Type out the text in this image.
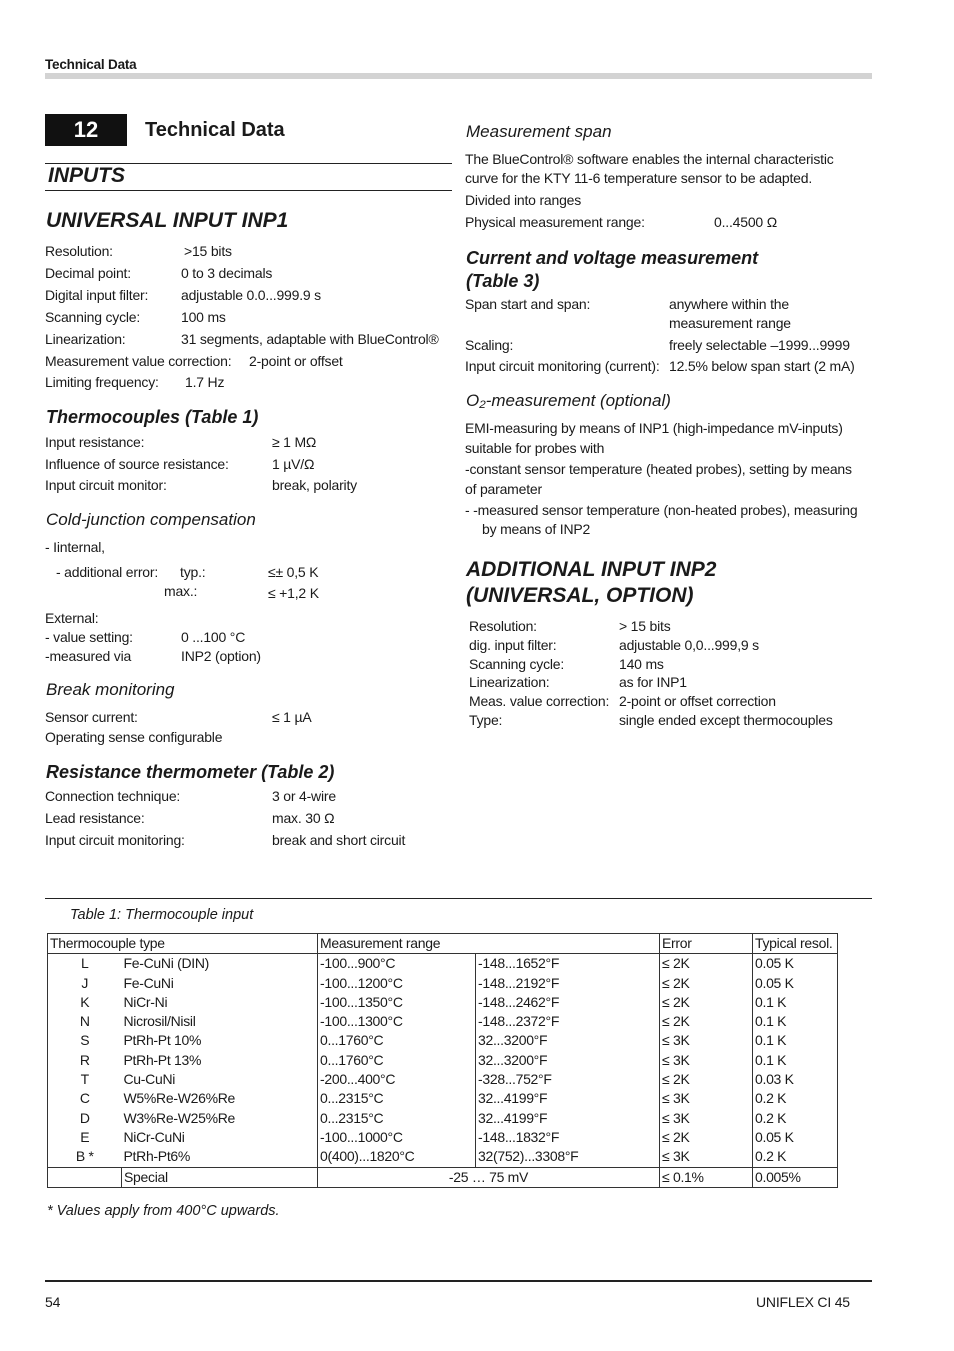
Technical Data
12	Technical Data
INPUTS
UNIVERSAL INPUT INP1
Resolution:	>15 bits
Decimal point:	0 to 3 decimals
Digital input filter: adjustable 0.0...999.9 s
Scanning cycle:	100 ms
Linearization:	31 segments, adaptable with BlueControl®
Measurement value correction: 2-point or offset
Limiting frequency: 1.7 Hz
Thermocouples (Table 1)
Input resistance:	≥ 1 MΩ
Influence of source resistance:	1 µV/Ω
Input circuit monitor:	break, polarity
Cold-junction compensation
- Iinternal,
- additional error: typ.:	≤± 0,5 K
max.:	≤ +1,2 K
External:
- value setting:	0 ...100 °C
-measured via	INP2 (option)
Break monitoring
Sensor current:	≤ 1 µA
Operating sense configurable
Resistance thermometer (Table 2)
Connection technique:	3 or 4-wire
Lead resistance:	max. 30 Ω
Input circuit monitoring:	break and short circuit
Measurement span
The BlueControl® software enables the internal characteristic
curve for the KTY 11-6 temperature sensor to be adapted.
Divided into ranges
Physical measurement range:	0...4500 Ω
Current and voltage measurement
(Table 3)
Span start and span:	anywhere within the
measurement range
Scaling:	freely selectable –1999...9999
Input circuit monitoring (current): 12.5% below span start (2 mA)
O₂-measurement (optional)
EMI-measuring by means of INP1 (high-impedance mV-inputs)
suitable for probes with
-constant sensor temperature (heated probes), setting by means
of parameter
- -measured sensor temperature (non-heated probes), measuring
by means of INP2
ADDITIONAL INPUT INP2
(UNIVERSAL, OPTION)
Resolution:	> 15 bits
dig. input filter:	adjustable 0,0...999,9 s
Scanning cycle:	140 ms
Linearization:	as for INP1
Meas. value correction: 2-point or offset correction
Type:	single ended except thermocouples
Table 1: Thermocouple input
Thermocouple type		Measurement range		Error	Typical resol.
L	Fe-CuNi (DIN)	-100...900°C	-148...1652°F	≤ 2K	0.05 K
J	Fe-CuNi	-100...1200°C	-148...2192°F	≤ 2K	0.05 K
K	NiCr-Ni	-100...1350°C	-148...2462°F	≤ 2K	0.1 K
N	Nicrosil/Nisil	-100...1300°C	-148...2372°F	≤ 2K	0.1 K
S	PtRh-Pt 10%	0...1760°C	32...3200°F	≤ 3K	0.1 K
R	PtRh-Pt 13%	0...1760°C	32...3200°F	≤ 3K	0.1 K
T	Cu-CuNi	-200...400°C	-328...752°F	≤ 2K	0.03 K
C	W5%Re-W26%Re	0...2315°C	32...4199°F	≤ 3K	0.2 K
D	W3%Re-W25%Re	0...2315°C	32...4199°F	≤ 3K	0.2 K
E	NiCr-CuNi	-100...1000°C	-148...1832°F	≤ 2K	0.05 K
B *	PtRh-Pt6%	0(400)...1820°C	32(752)...3308°F	≤ 3K	0.2 K
	Special	-25 … 75 mV		≤ 0.1%	0.005%
* Values apply from 400°C upwards.
54	UNIFLEX CI 45
